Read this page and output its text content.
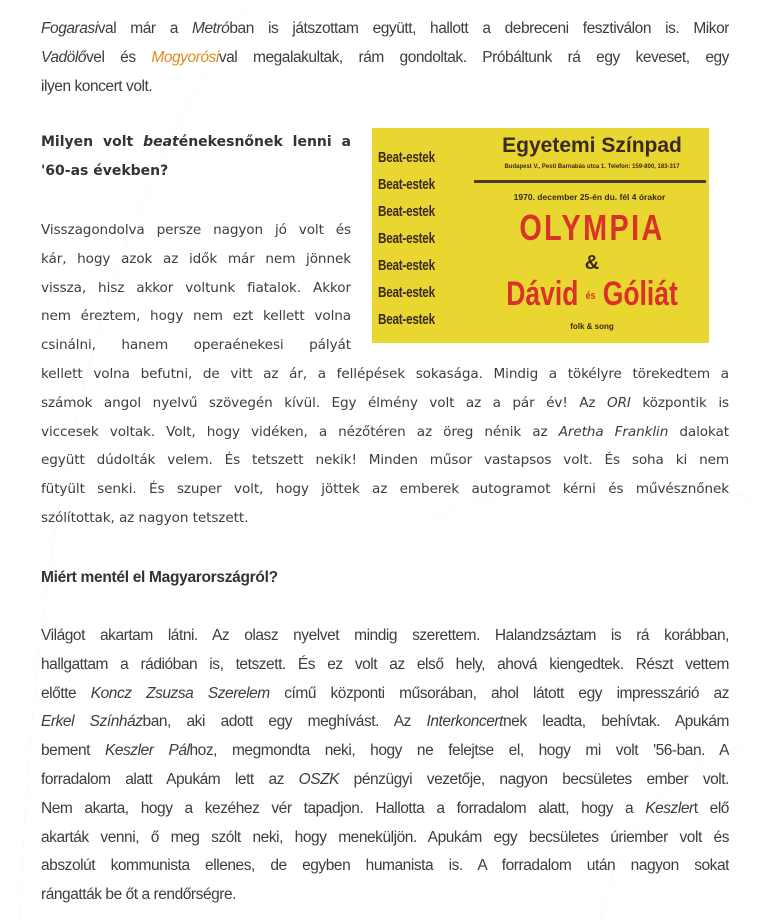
Fogarasival már a Metróban is játszottam együtt, hallott a debreceni fesztiválon is. Mikor
Vadölővel és Mogyorósival megalakultak, rám gondoltak. Próbáltunk rá egy keveset, egy
ilyen koncert volt.
Milyen volt beaténekesnőnek lenni a
'60-as években?
Visszagondolva persze nagyon jó volt és
kár, hogy azok az idők már nem jönnek
vissza, hisz akkor voltunk fiatalok. Akkor
nem éreztem, hogy nem ezt kellett volna
csinálni, hanem operaénekesi pályát
kellett volna befutni, de vitt az ár, a fellépések sokasága. Mindig a tökélyre törekedtem a
számok angol nyelvű szövegén kívül. Egy élmény volt az a pár év! Az ORI központik is
viccesek voltak. Volt, hogy vidéken, a nézőtéren az öreg nénik az Aretha Franklin dalokat
együtt dúdolták velem. És tetszett nekik! Minden műsor vastapsos volt. És soha ki nem
fütyült senki. És szuper volt, hogy jöttek az emberek autogramot kérni és művésznőnek
szólítottak, az nagyon tetszett.
Miért mentél el Magyarországról?
Világot akartam látni. Az olasz nyelvet mindig szerettem. Halandzsáztam is rá korábban,
hallgattam a rádióban is, tetszett. És ez volt az első hely, ahová kiengedtek. Részt vettem
előtte Koncz Zsuzsa Szerelem című központi műsorában, ahol látott egy impresszárió az
Erkel Színházban, aki adott egy meghívást. Az Interkoncertnek leadta, behívtak. Apukám
bement Keszler Pálhoz, megmondta neki, hogy ne felejtse el, hogy mi volt '56-ban. A
forradalom alatt Apukám lett az OSZK pénzügyi vezetője, nagyon becsületes ember volt.
Nem akarta, hogy a kezéhez vér tapadjon. Hallotta a forradalom alatt, hogy a Keszlert elő
akarták venni, ő meg szólt neki, hogy meneküljön. Apukám egy becsületes úriember volt és
abszolút kommunista ellenes, de egyben humanista is. A forradalom után nagyon sokat
rángatták be őt a rendőrségre.
Beat-estek
Beat-estek
Beat-estek
Beat-estek
Beat-estek
Beat-estek
Beat-estek
Egyetemi Színpad
Budapest V., Pesti Barnabás utca 1. Telefon: 159-800, 183-317
1970. december 25-én du. fél 4 órakor
OLYMPIA
&
Dávid és Góliát
folk & song
